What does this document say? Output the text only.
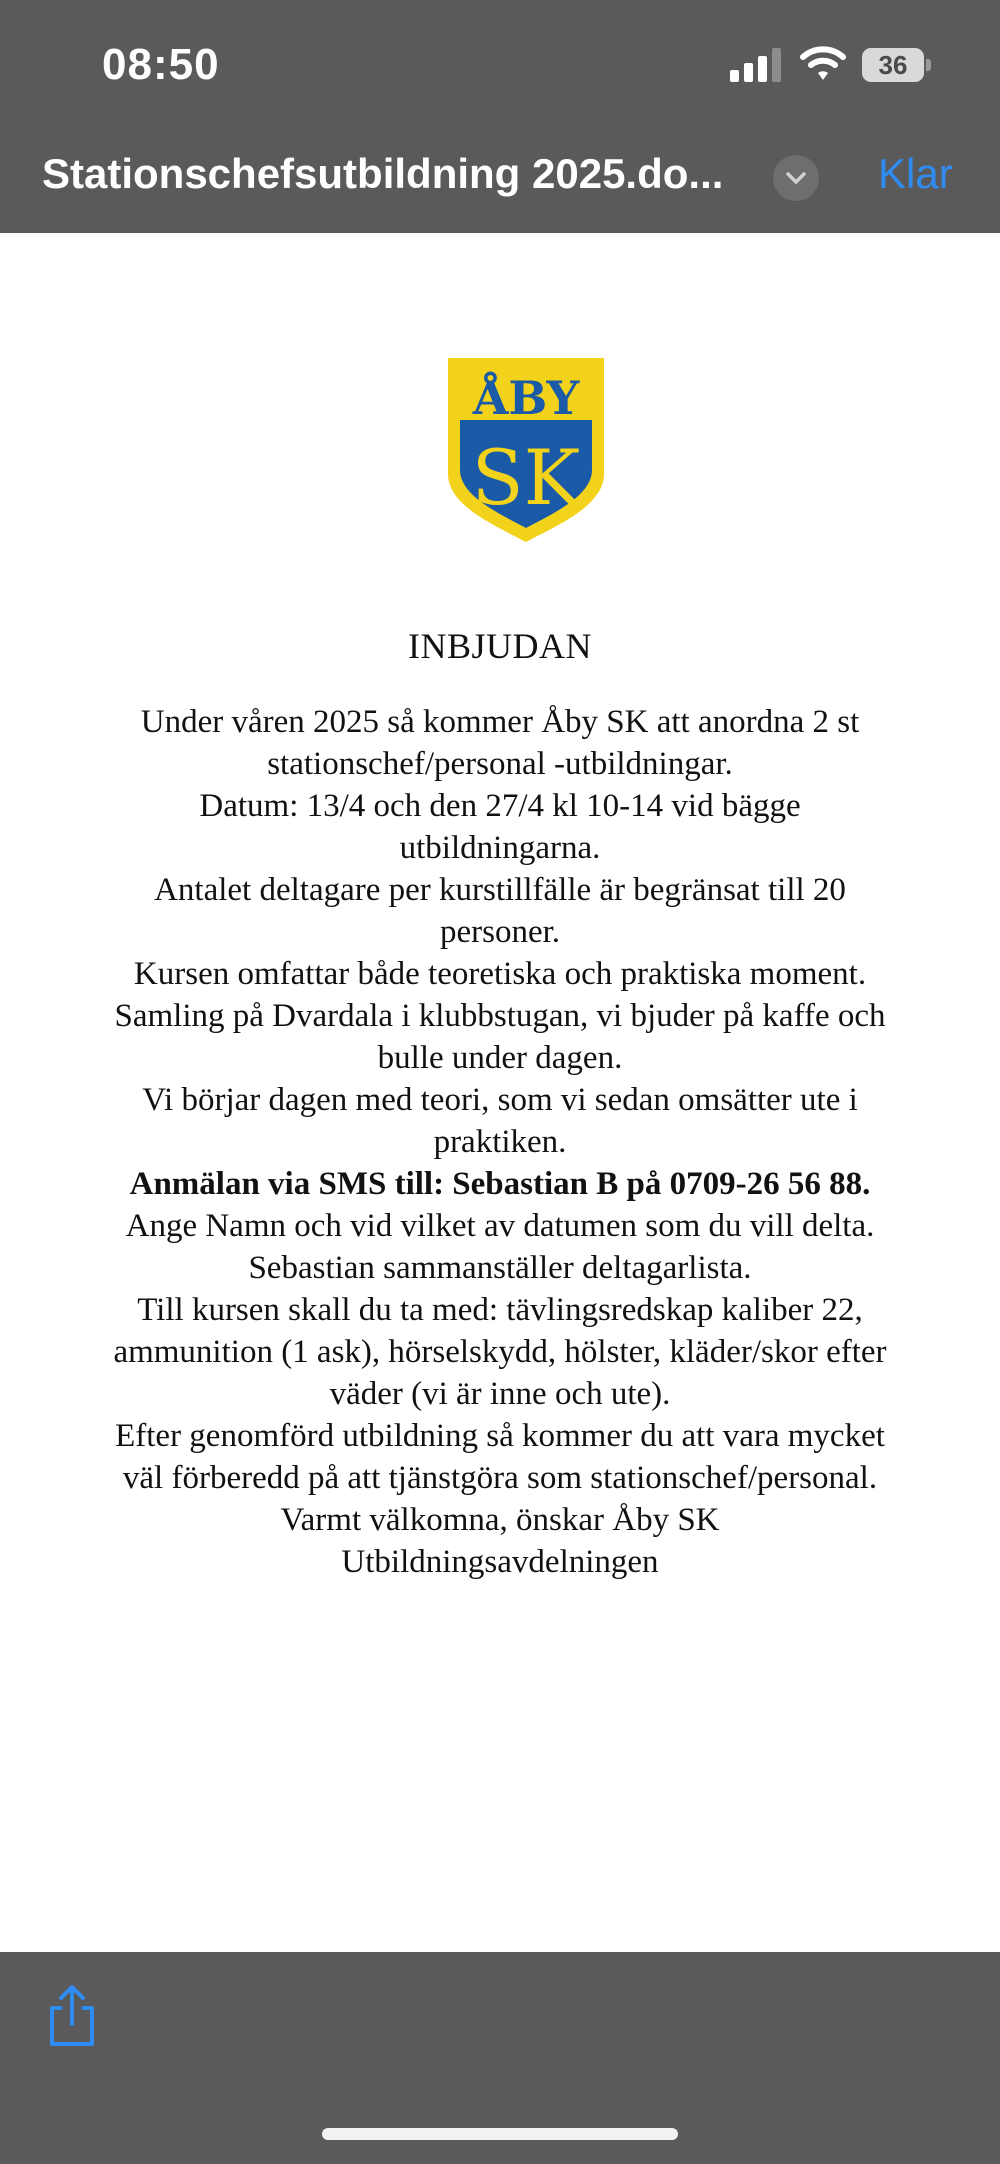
08:50	36
Stationschefsutbildning 2025.do...	Klar
ÅBY
SK
INBJUDAN

Under våren 2025 så kommer Åby SK att anordna 2 st stationschef/personal -utbildningar.

Datum: 13/4 och den 27/4 kl 10-14 vid bägge utbildningarna.

Antalet deltagare per kurstillfälle är begränsat till 20 personer.

Kursen omfattar både teoretiska och praktiska moment.

Samling på Dvardala i klubbstugan, vi bjuder på kaffe och bulle under dagen.

Vi börjar dagen med teori, som vi sedan omsätter ute i praktiken.

Anmälan via SMS till: Sebastian B på 0709-26 56 88.

Ange Namn och vid vilket av datumen som du vill delta.

Sebastian sammanställer deltagarlista.

Till kursen skall du ta med: tävlingsredskap kaliber 22, ammunition (1 ask), hörselskydd, hölster, kläder/skor efter väder (vi är inne och ute).

Efter genomförd utbildning så kommer du att vara mycket väl förberedd på att tjänstgöra som stationschef/personal.

Varmt välkomna, önskar Åby SK

Utbildningsavdelningen
